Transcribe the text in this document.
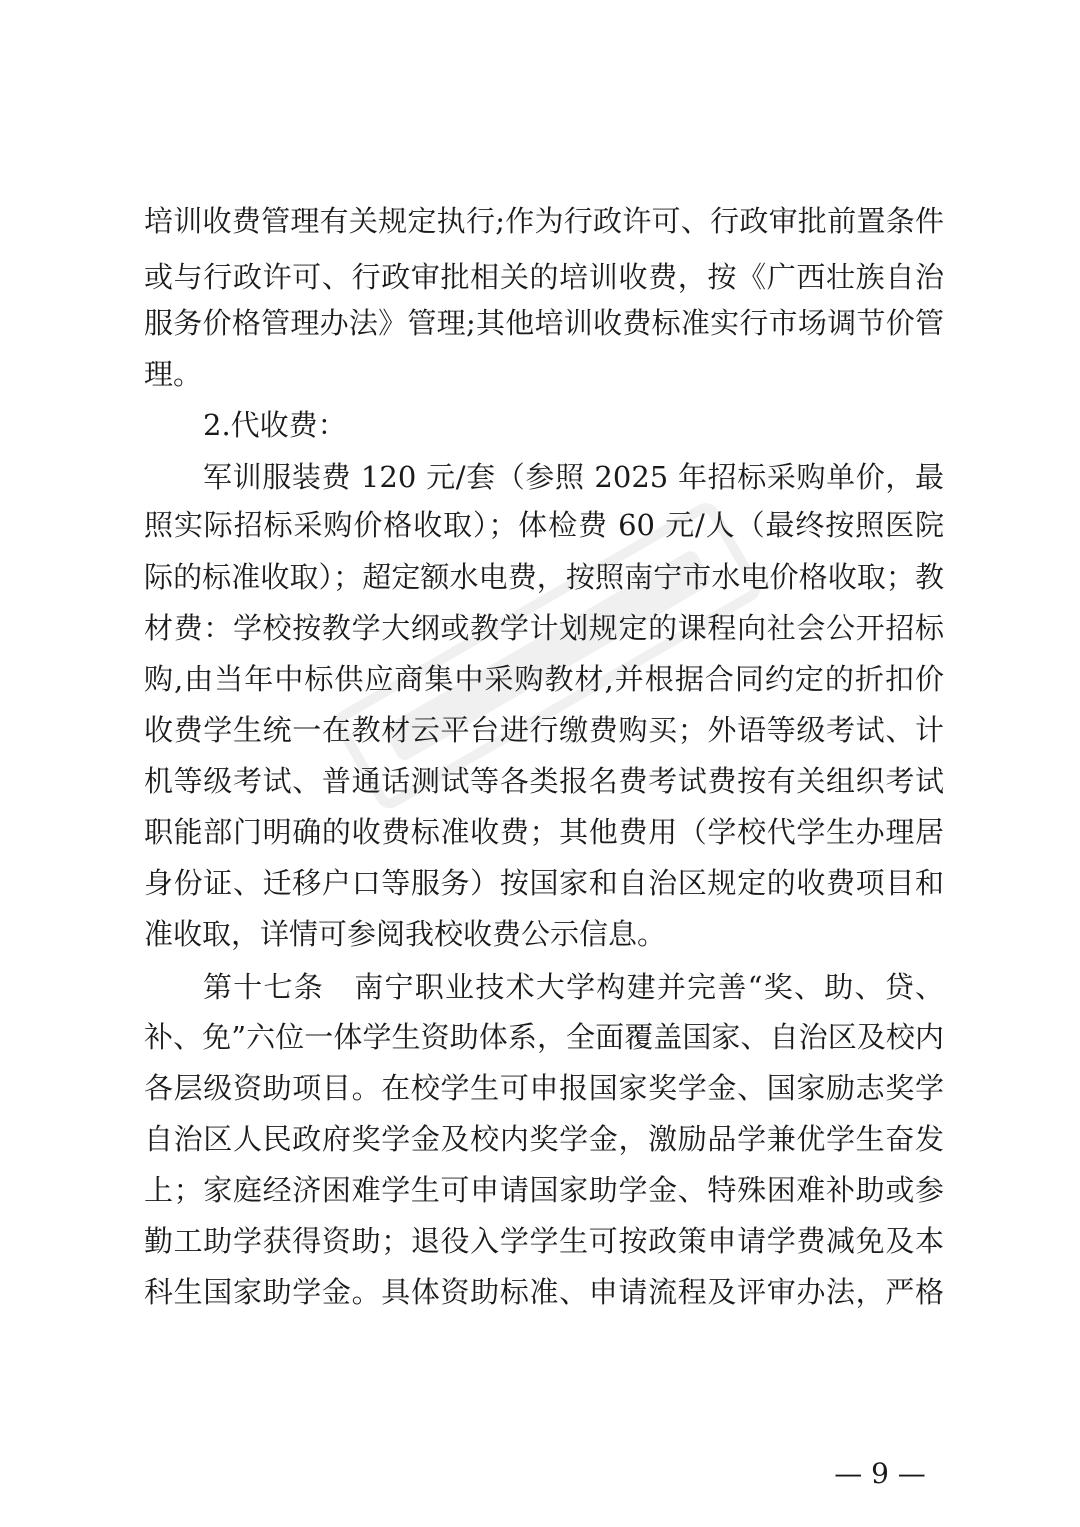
培训收费管理有关规定执行;作为行政许可、行政审批前置条件
或与行政许可、行政审批相关的培训收费，按《广西壮族自治
服务价格管理办法》管理;其他培训收费标准实行市场调节价管
理。
2.代收费：
军训服装费 120 元/套（参照 2025 年招标采购单价，最
照实际招标采购价格收取）；体检费 60 元/人（最终按照医院
际的标准收取）；超定额水电费，按照南宁市水电价格收取；教
材费：学校按教学大纲或教学计划规定的课程向社会公开招标
购,由当年中标供应商集中采购教材,并根据合同约定的折扣价
收费学生统一在教材云平台进行缴费购买；外语等级考试、计
机等级考试、普通话测试等各类报名费考试费按有关组织考试
职能部门明确的收费标准收费；其他费用（学校代学生办理居
身份证、迁移户口等服务）按国家和自治区规定的收费项目和
准收取，详情可参阅我校收费公示信息。
第十七条　南宁职业技术大学构建并完善“奖、助、贷、
补、免”六位一体学生资助体系，全面覆盖国家、自治区及校内
各层级资助项目。在校学生可申报国家奖学金、国家励志奖学
自治区人民政府奖学金及校内奖学金，激励品学兼优学生奋发
上；家庭经济困难学生可申请国家助学金、特殊困难补助或参
勤工助学获得资助；退役入学学生可按政策申请学费减免及本
科生国家助学金。具体资助标准、申请流程及评审办法，严格
— 9 —
